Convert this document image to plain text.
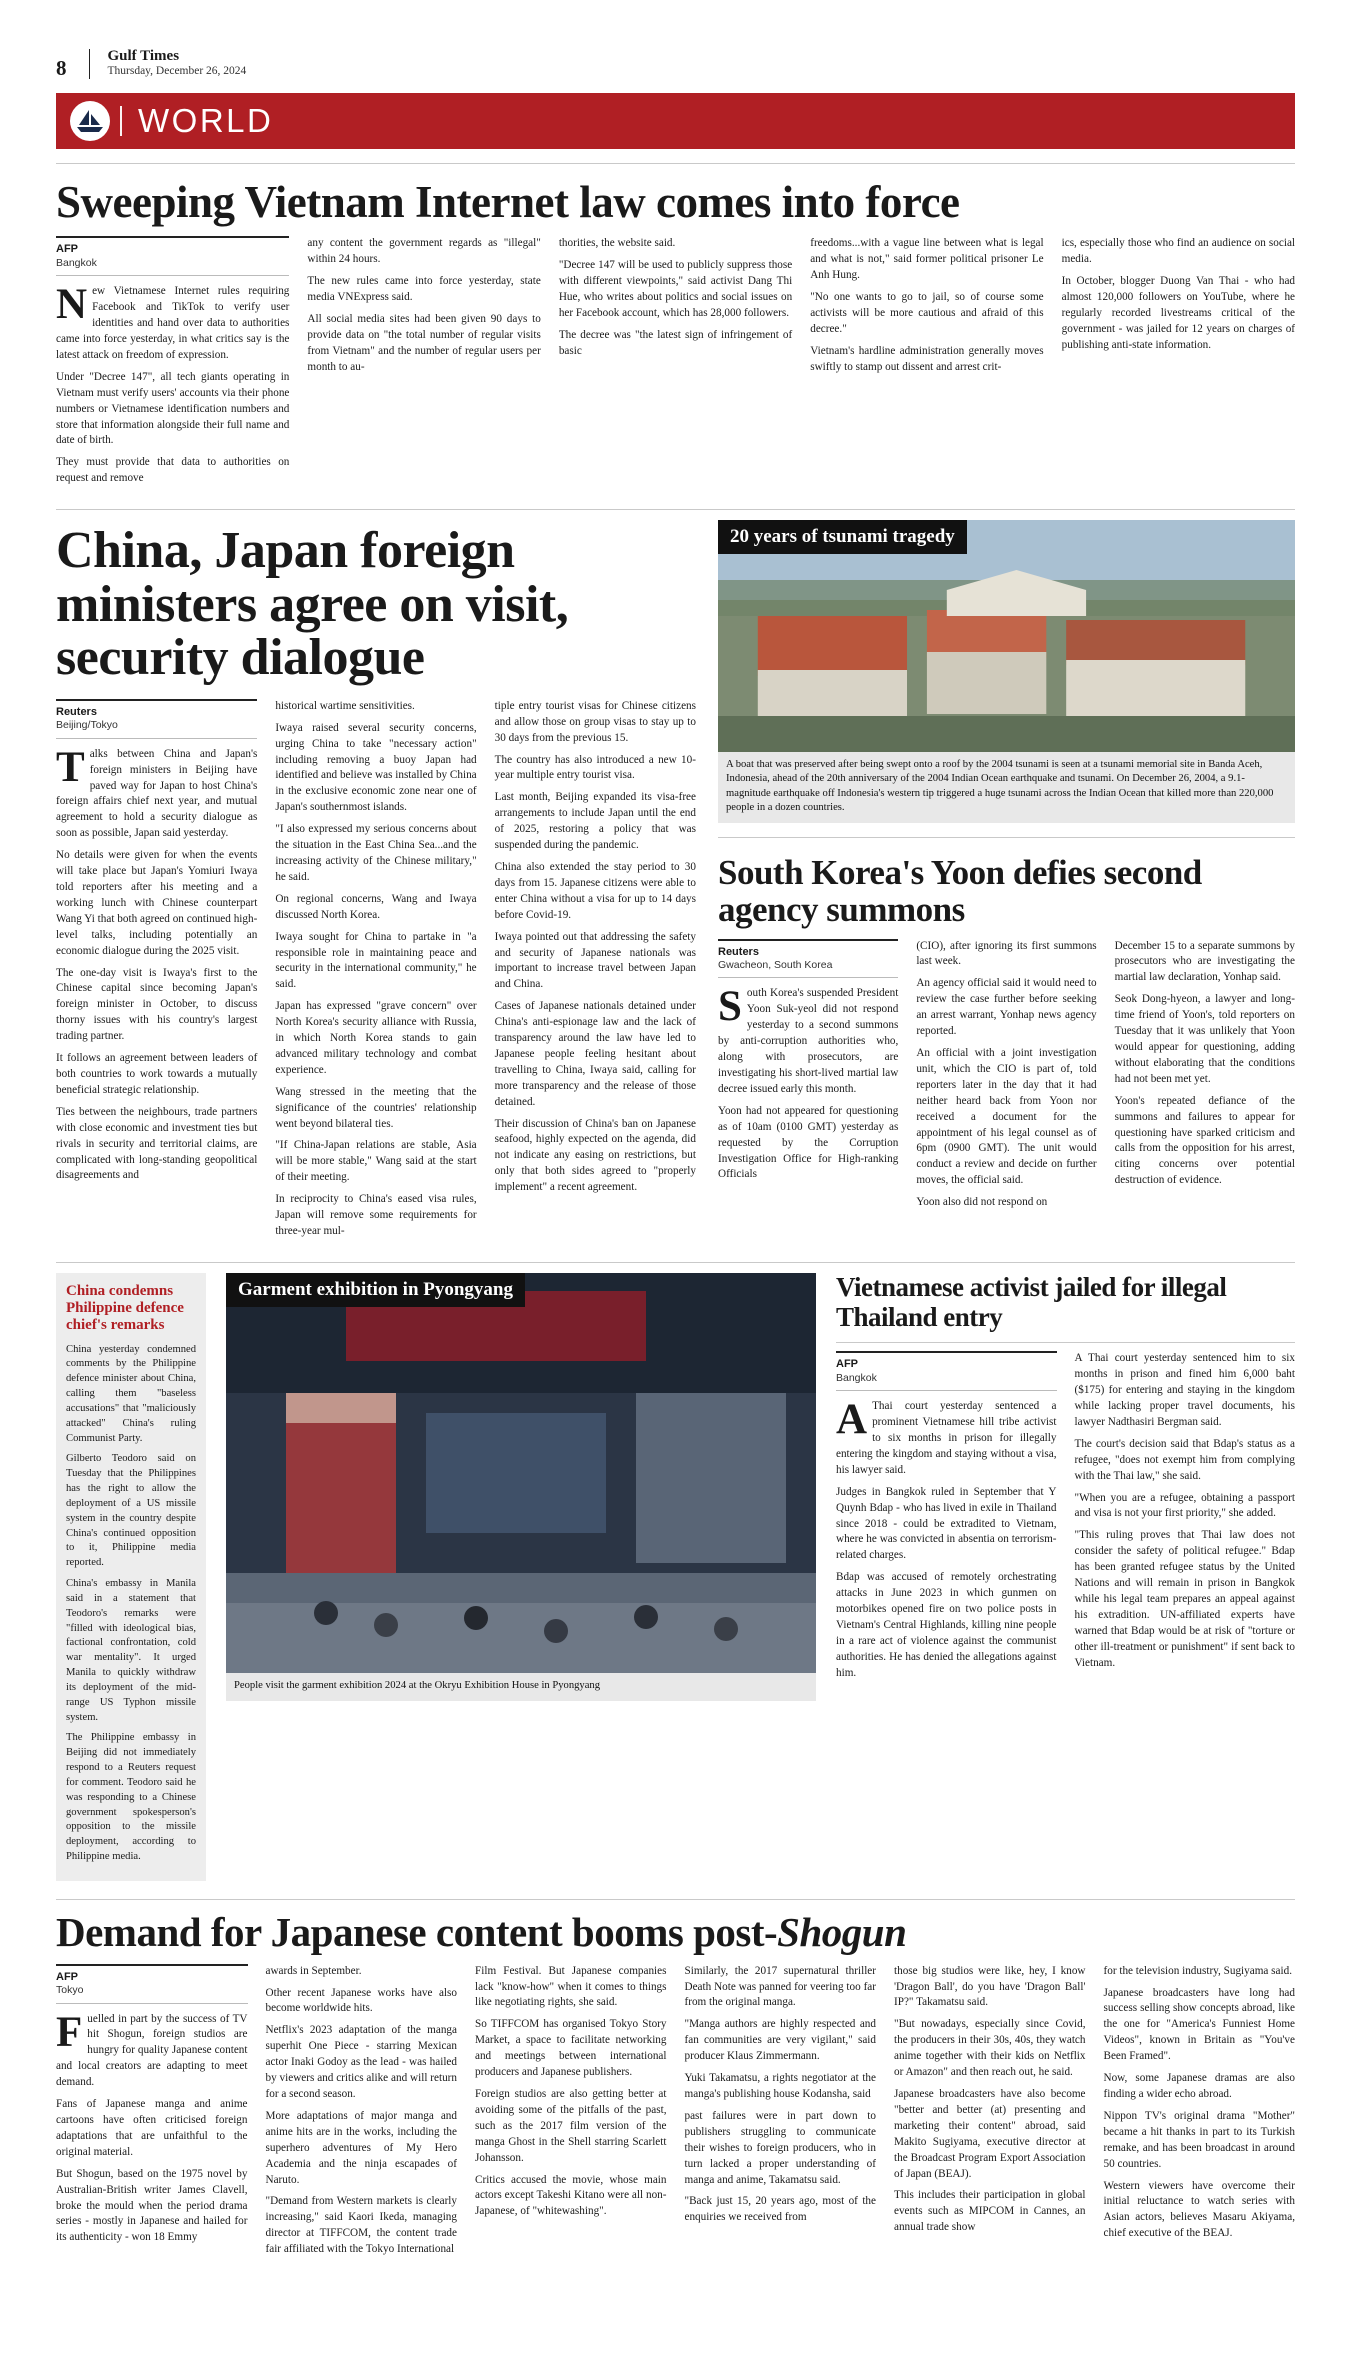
8
Gulf Times
Thursday, December 26, 2024
WORLD
Sweeping Vietnam Internet law comes into force
AFP
Bangkok

New Vietnamese Internet rules requiring Facebook and TikTok to verify user identities and hand over data to authorities came into force yesterday, in what critics say is the latest attack on freedom of expression.

Under "Decree 147", all tech giants operating in Vietnam must verify users' accounts via their phone numbers or Vietnamese identification numbers and store that information alongside their full name and date of birth.

They must provide that data to authorities on request and remove

any content the government regards as "illegal" within 24 hours.

The new rules came into force yesterday, state media VNExpress said.

All social media sites had been given 90 days to provide data on "the total number of regular visits from Vietnam" and the number of regular users per month to au-

thorities, the website said.

"Decree 147 will be used to publicly suppress those with different viewpoints," said activist Dang Thi Hue, who writes about politics and social issues on her Facebook account, which has 28,000 followers.

The decree was "the latest sign of infringement of basic

freedoms...with a vague line between what is legal and what is not," said former political prisoner Le Anh Hung.

"No one wants to go to jail, so of course some activists will be more cautious and afraid of this decree."

Vietnam's hardline administration generally moves swiftly to stamp out dissent and arrest crit-

ics, especially those who find an audience on social media.

In October, blogger Duong Van Thai - who had almost 120,000 followers on YouTube, where he regularly recorded livestreams critical of the government - was jailed for 12 years on charges of publishing anti-state information.

China, Japan foreign ministers agree on visit, security dialogue
Reuters
Beijing/Tokyo

Talks between China and Japan's foreign ministers in Beijing have paved way for Japan to host China's foreign affairs chief next year, and mutual agreement to hold a security dialogue as soon as possible, Japan said yesterday.

No details were given for when the events will take place but Japan's Yomiuri Iwaya told reporters after his meeting and a working lunch with Chinese counterpart Wang Yi that both agreed on continued high-level talks, including potentially an economic dialogue during the 2025 visit.

The one-day visit is Iwaya's first to the Chinese capital since becoming Japan's foreign minister in October, to discuss thorny issues with his country's largest trading partner.

It follows an agreement between leaders of both countries to work towards a mutually beneficial strategic relationship.

Ties between the neighbours, trade partners with close economic and investment ties but rivals in security and territorial claims, are complicated with long-standing geopolitical disagreements and

historical wartime sensitivities.

Iwaya raised several security concerns, urging China to take "necessary action" including removing a buoy Japan had identified and believe was installed by China in the exclusive economic zone near one of Japan's southernmost islands.

"I also expressed my serious concerns about the situation in the East China Sea...and the increasing activity of the Chinese military," he said.

On regional concerns, Wang and Iwaya discussed North Korea.

Iwaya sought for China to partake in "a responsible role in maintaining peace and security in the international community," he said.

Japan has expressed "grave concern" over North Korea's security alliance with Russia, in which North Korea stands to gain advanced military technology and combat experience.

Wang stressed in the meeting that the significance of the countries' relationship went beyond bilateral ties.

"If China-Japan relations are stable, Asia will be more stable," Wang said at the start of their meeting.

In reciprocity to China's eased visa rules, Japan will remove some requirements for three-year mul-

tiple entry tourist visas for Chinese citizens and allow those on group visas to stay up to 30 days from the previous 15.

The country has also introduced a new 10-year multiple entry tourist visa.

Last month, Beijing expanded its visa-free arrangements to include Japan until the end of 2025, restoring a policy that was suspended during the pandemic.

China also extended the stay period to 30 days from 15. Japanese citizens were able to enter China without a visa for up to 14 days before Covid-19.

Iwaya pointed out that addressing the safety and security of Japanese nationals was important to increase travel between Japan and China.

Cases of Japanese nationals detained under China's anti-espionage law and the lack of transparency around the law have led to Japanese people feeling hesitant about travelling to China, Iwaya said, calling for more transparency and the release of those detained.

Their discussion of China's ban on Japanese seafood, highly expected on the agenda, did not indicate any easing on restrictions, but only that both sides agreed to "properly implement" a recent agreement.

20 years of tsunami tragedy
A boat that was preserved after being swept onto a roof by the 2004 tsunami is seen at a tsunami memorial site in Banda Aceh, Indonesia, ahead of the 20th anniversary of the 2004 Indian Ocean earthquake and tsunami. On December 26, 2004, a 9.1-magnitude earthquake off Indonesia's western tip triggered a huge tsunami across the Indian Ocean that killed more than 220,000 people in a dozen countries.
South Korea's Yoon defies second agency summons
Reuters
Gwacheon, South Korea

South Korea's suspended President Yoon Suk-yeol did not respond yesterday to a second summons by anti-corruption authorities who, along with prosecutors, are investigating his short-lived martial law decree issued early this month.

Yoon had not appeared for questioning as of 10am (0100 GMT) yesterday as requested by the Corruption Investigation Office for High-ranking Officials

(CIO), after ignoring its first summons last week.

An agency official said it would need to review the case further before seeking an arrest warrant, Yonhap news agency reported.

An official with a joint investigation unit, which the CIO is part of, told reporters later in the day that it had neither heard back from Yoon nor received a document for the appointment of his legal counsel as of 6pm (0900 GMT). The unit would conduct a review and decide on further moves, the official said.

Yoon also did not respond on

December 15 to a separate summons by prosecutors who are investigating the martial law declaration, Yonhap said.

Seok Dong-hyeon, a lawyer and long-time friend of Yoon's, told reporters on Tuesday that it was unlikely that Yoon would appear for questioning, adding without elaborating that the conditions had not been met yet.

Yoon's repeated defiance of the summons and failures to appear for questioning have sparked criticism and calls from the opposition for his arrest, citing concerns over potential destruction of evidence.

China condemns Philippine defence chief's remarks

China yesterday condemned comments by the Philippine defence minister about China, calling them "baseless accusations" that "maliciously attacked" China's ruling Communist Party.

Gilberto Teodoro said on Tuesday that the Philippines has the right to allow the deployment of a US missile system in the country despite China's continued opposition to it, Philippine media reported.

China's embassy in Manila said in a statement that Teodoro's remarks were "filled with ideological bias, factional confrontation, cold war mentality". It urged Manila to quickly withdraw its deployment of the mid-range US Typhon missile system.

The Philippine embassy in Beijing did not immediately respond to a Reuters request for comment. Teodoro said he was responding to a Chinese government spokesperson's opposition to the missile deployment, according to Philippine media.

Garment exhibition in Pyongyang
People visit the garment exhibition 2024 at the Okryu Exhibition House in Pyongyang
Vietnamese activist jailed for illegal Thailand entry
AFP
Bangkok

AThai court yesterday sentenced a prominent Vietnamese hill tribe activist to six months in prison for illegally entering the kingdom and staying without a visa, his lawyer said.

Judges in Bangkok ruled in September that Y Quynh Bdap - who has lived in exile in Thailand since 2018 - could be extradited to Vietnam, where he was convicted in absentia on terrorism-related charges.

Bdap was accused of remotely orchestrating attacks in June 2023 in which gunmen on motorbikes opened fire on two police posts in Vietnam's Central Highlands, killing nine people in a rare act of violence against the communist authorities. He has denied the allegations against him.

A Thai court yesterday sentenced him to six months in prison and fined him 6,000 baht ($175) for entering and staying in the kingdom while lacking proper travel documents, his lawyer Nadthasiri Bergman said.

The court's decision said that Bdap's status as a refugee, "does not exempt him from complying with the Thai law," she said.

"When you are a refugee, obtaining a passport and visa is not your first priority," she added.

"This ruling proves that Thai law does not consider the safety of political refugee." Bdap has been granted refugee status by the United Nations and will remain in prison in Bangkok while his legal team prepares an appeal against his extradition. UN-affiliated experts have warned that Bdap would be at risk of "torture or other ill-treatment or punishment" if sent back to Vietnam.

Demand for Japanese content booms post-Shogun
AFP
Tokyo

Fuelled in part by the success of TV hit Shogun, foreign studios are hungry for quality Japanese content and local creators are adapting to meet demand.

Fans of Japanese manga and anime cartoons have often criticised foreign adaptations that are unfaithful to the original material.

But Shogun, based on the 1975 novel by Australian-British writer James Clavell, broke the mould when the period drama series - mostly in Japanese and hailed for its authenticity - won 18 Emmy

awards in September.

Other recent Japanese works have also become worldwide hits.

Netflix's 2023 adaptation of the manga superhit One Piece - starring Mexican actor Inaki Godoy as the lead - was hailed by viewers and critics alike and will return for a second season.

More adaptations of major manga and anime hits are in the works, including the superhero adventures of My Hero Academia and the ninja escapades of Naruto.

"Demand from Western markets is clearly increasing," said Kaori Ikeda, managing director at TIFFCOM, the content trade fair affiliated with the Tokyo International

Film Festival. But Japanese companies lack "know-how" when it comes to things like negotiating rights, she said.

So TIFFCOM has organised Tokyo Story Market, a space to facilitate networking and meetings between international producers and Japanese publishers.

Foreign studios are also getting better at avoiding some of the pitfalls of the past, such as the 2017 film version of the manga Ghost in the Shell starring Scarlett Johansson.

Critics accused the movie, whose main actors except Takeshi Kitano were all non-Japanese, of "whitewashing".

Similarly, the 2017 supernatural thriller Death Note was panned for veering too far from the original manga.

"Manga authors are highly respected and fan communities are very vigilant," said producer Klaus Zimmermann.

Yuki Takamatsu, a rights negotiator at the manga's publishing house Kodansha, said

past failures were in part down to publishers struggling to communicate their wishes to foreign producers, who in turn lacked a proper understanding of manga and anime, Takamatsu said.

"Back just 15, 20 years ago, most of the enquiries we received from

those big studios were like, hey, I know 'Dragon Ball', do you have 'Dragon Ball' IP?" Takamatsu said.

"But nowadays, especially since Covid, the producers in their 30s, 40s, they watch anime together with their kids on Netflix or Amazon" and then reach out, he said.

Japanese broadcasters have also become "better and better (at) presenting and marketing their content" abroad, said Makito Sugiyama, executive director at the Broadcast Program Export Association of Japan (BEAJ).

This includes their participation in global events such as MIPCOM in Cannes, an annual trade show

for the television industry, Sugiyama said.

Japanese broadcasters have long had success selling show concepts abroad, like the one for "America's Funniest Home Videos", known in Britain as "You've Been Framed".

Now, some Japanese dramas are also finding a wider echo abroad.

Nippon TV's original drama "Mother" became a hit thanks in part to its Turkish remake, and has been broadcast in around 50 countries.

Western viewers have overcome their initial reluctance to watch series with Asian actors, believes Masaru Akiyama, chief executive of the BEAJ.
